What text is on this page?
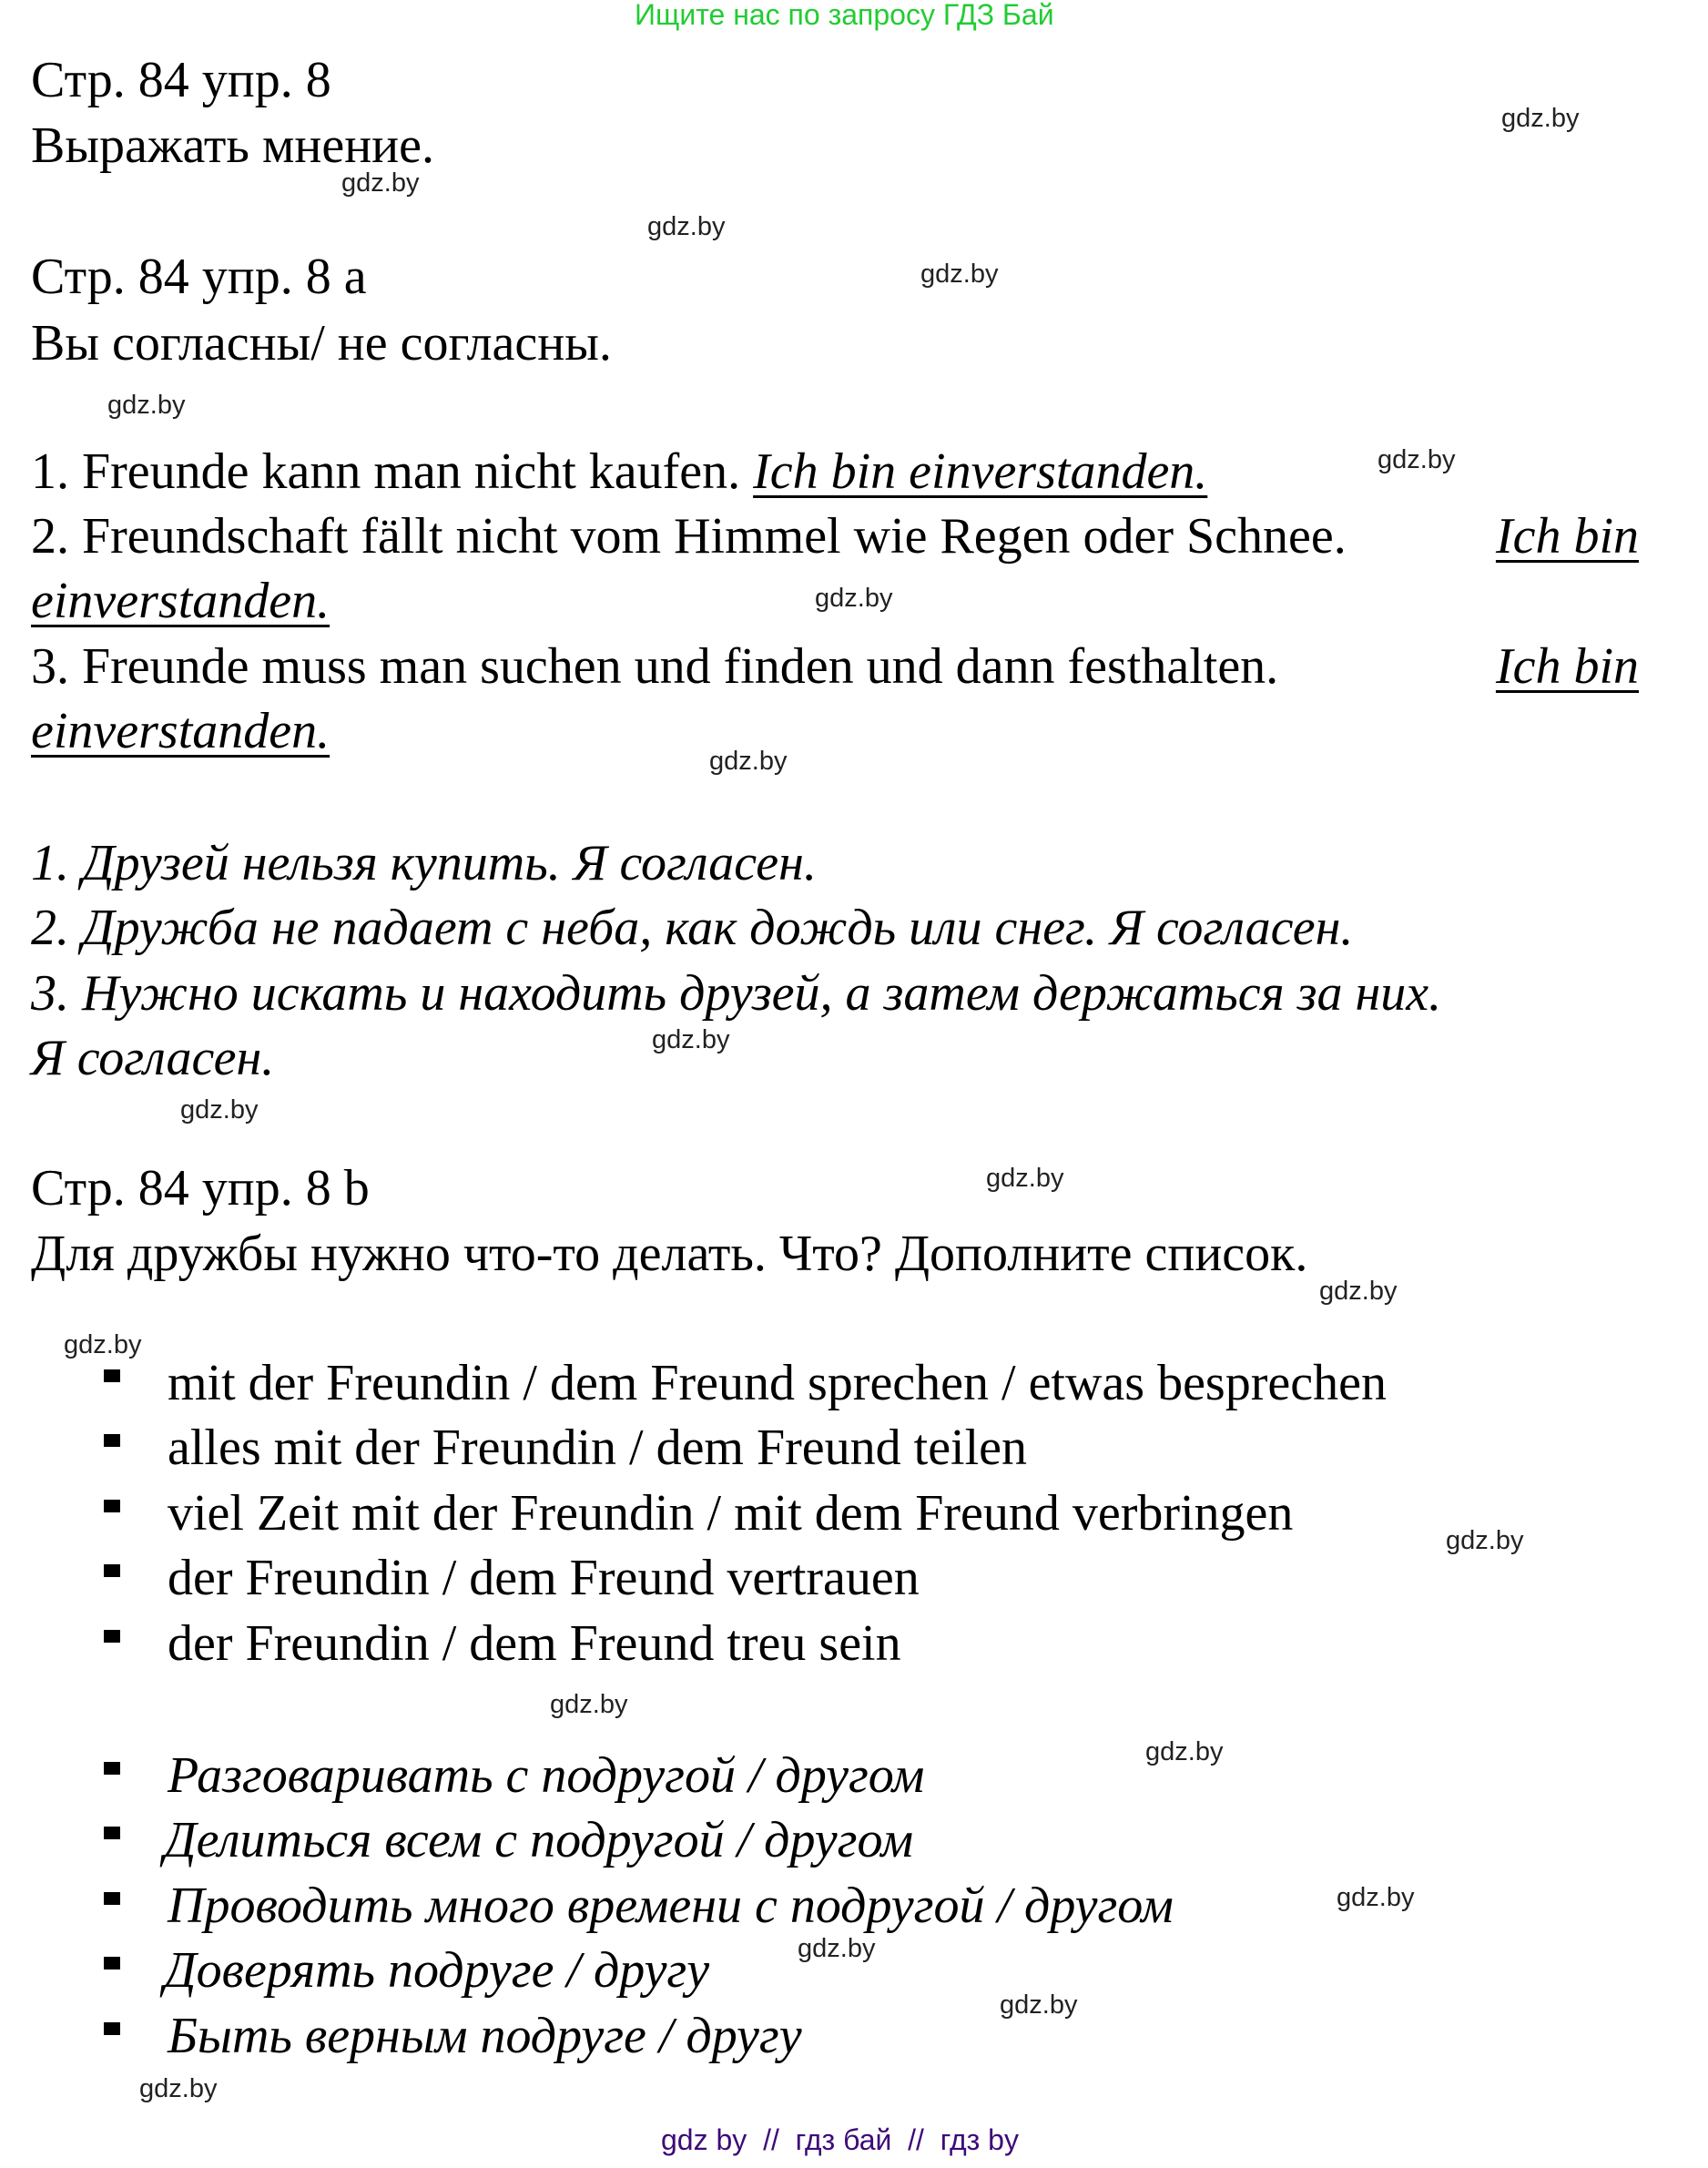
Ищите нас по запросу ГДЗ Бай
Стр. 84 упр. 8
Выражать мнение.
Стр. 84 упр. 8 a
Вы согласны/ не согласны.
1. Freunde kann man nicht kaufen. Ich bin einverstanden.
2. Freundschaft fällt nicht vom Himmel wie Regen oder Schnee.	Ich bin
einverstanden.
3. Freunde muss man suchen und finden und dann festhalten.	Ich bin
einverstanden.
1. Друзей нельзя купить. Я согласен.
2. Дружба не падает с неба, как дождь или снег. Я согласен.
3. Нужно искать и находить друзей, а затем держаться за них.
Я согласен.
Стр. 84 упр. 8 b
Для дружбы нужно что-то делать. Что? Дополните список.
mit der Freundin / dem Freund sprechen / etwas besprechen
alles mit der Freundin / dem Freund teilen
viel Zeit mit der Freundin / mit dem Freund verbringen
der Freundin / dem Freund vertrauen
der Freundin / dem Freund treu sein
Разговаривать с подругой / другом
Делиться всем с подругой / другом
Проводить много времени с подругой / другом
Доверять подруге / другу
Быть верным подруге / другу
gdz.by
gdz.by
gdz.by
gdz.by
gdz.by
gdz.by
gdz.by
gdz.by
gdz.by
gdz.by
gdz.by
gdz.by
gdz.by
gdz.by
gdz.by
gdz.by
gdz.by
gdz.by
gdz.by
gdz.by
gdz by  //  гдз бай  //  гдз by
